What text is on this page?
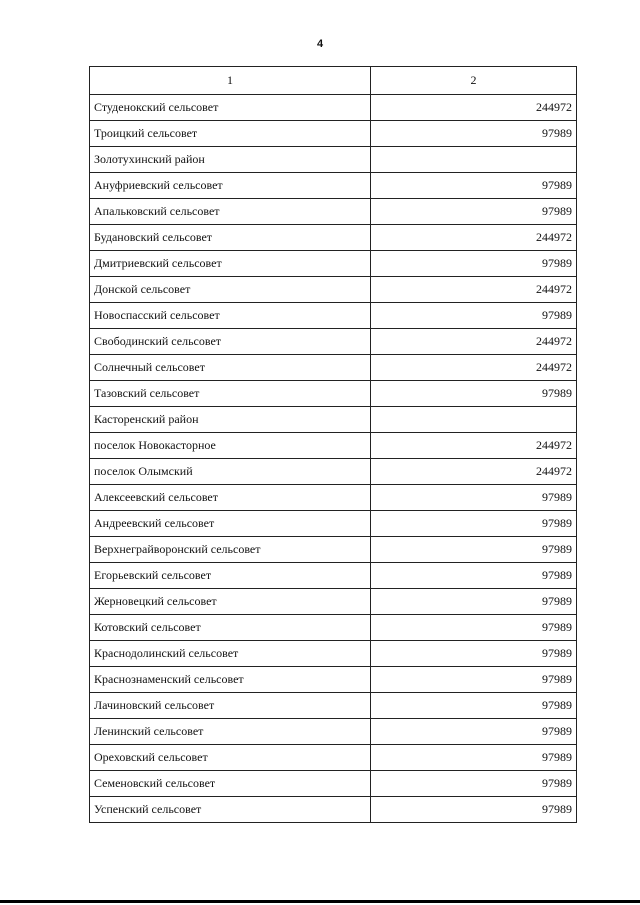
4
1	2
Студенокский сельсовет	244972
Троицкий сельсовет	97989
Золотухинский район	
Ануфриевский сельсовет	97989
Апальковский сельсовет	97989
Будановский сельсовет	244972
Дмитриевский сельсовет	97989
Донской сельсовет	244972
Новоспасский сельсовет	97989
Свободинский сельсовет	244972
Солнечный сельсовет	244972
Тазовский сельсовет	97989
Касторенский район	
поселок Новокасторное	244972
поселок Олымский	244972
Алексеевский сельсовет	97989
Андреевский сельсовет	97989
Верхнеграйворонский сельсовет	97989
Егорьевский сельсовет	97989
Жерновецкий сельсовет	97989
Котовский сельсовет	97989
Краснодолинский сельсовет	97989
Краснознаменский сельсовет	97989
Лачиновский сельсовет	97989
Ленинский сельсовет	97989
Ореховский сельсовет	97989
Семеновский сельсовет	97989
Успенский сельсовет	97989
